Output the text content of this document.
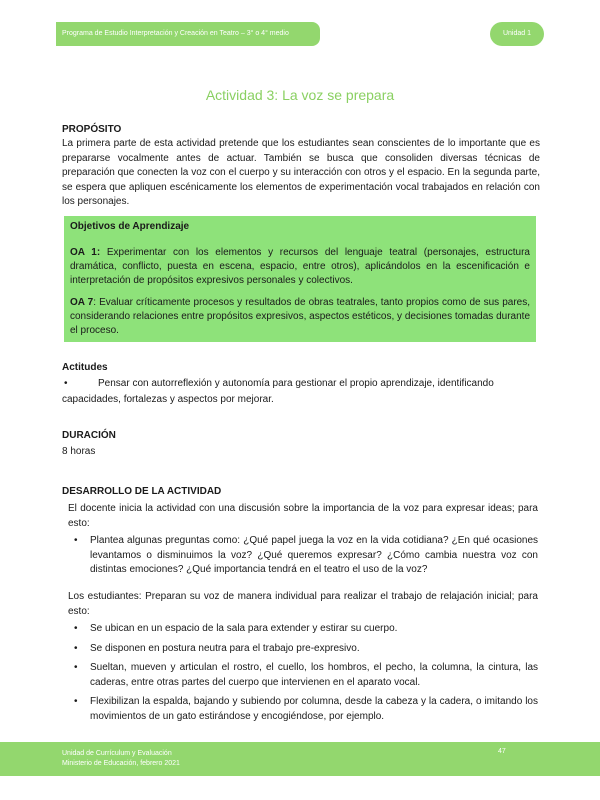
Programa de Estudio Interpretación y Creación en Teatro – 3° o 4° medio	Unidad 1
Actividad 3: La voz se prepara
PROPÓSITO

La primera parte de esta actividad pretende que los estudiantes sean conscientes de lo importante que es prepararse vocalmente antes de actuar. También se busca que consoliden diversas técnicas de preparación que conecten la voz con el cuerpo y su interacción con otros y el espacio. En la segunda parte, se espera que apliquen escénicamente los elementos de experimentación vocal trabajados en relación con los personajes.

Objetivos de Aprendizaje

OA 1: Experimentar con los elementos y recursos del lenguaje teatral (personajes, estructura dramática, conflicto, puesta en escena, espacio, entre otros), aplicándolos en la escenificación e interpretación de propósitos expresivos personales y colectivos.

OA 7: Evaluar críticamente procesos y resultados de obras teatrales, tanto propios como de sus pares, considerando relaciones entre propósitos expresivos, aspectos estéticos, y decisiones tomadas durante el proceso.

Actitudes

•	Pensar con autorreflexión y autonomía para gestionar el propio aprendizaje, identificando

capacidades, fortalezas y aspectos por mejorar.

DURACIÓN
8 horas
DESARROLLO DE LA ACTIVIDAD

El docente inicia la actividad con una discusión sobre la importancia de la voz para expresar ideas; para esto:

• Plantea algunas preguntas como: ¿Qué papel juega la voz en la vida cotidiana? ¿En qué ocasiones levantamos o disminuimos la voz? ¿Qué queremos expresar? ¿Cómo cambia nuestra voz con distintas emociones? ¿Qué importancia tendrá en el teatro el uso de la voz?

Los estudiantes: Preparan su voz de manera individual para realizar el trabajo de relajación inicial; para esto:

• Se ubican en un espacio de la sala para extender y estirar su cuerpo.
• Se disponen en postura neutra para el trabajo pre-expresivo.
• Sueltan, mueven y articulan el rostro, el cuello, los hombros, el pecho, la columna, la cintura, las caderas, entre otras partes del cuerpo que intervienen en el aparato vocal.
• Flexibilizan la espalda, bajando y subiendo por columna, desde la cabeza y la cadera, o imitando los movimientos de un gato estirándose y encogiéndose, por ejemplo.
Unidad de Currículum y Evaluación
Ministerio de Educación, febrero 2021
47
